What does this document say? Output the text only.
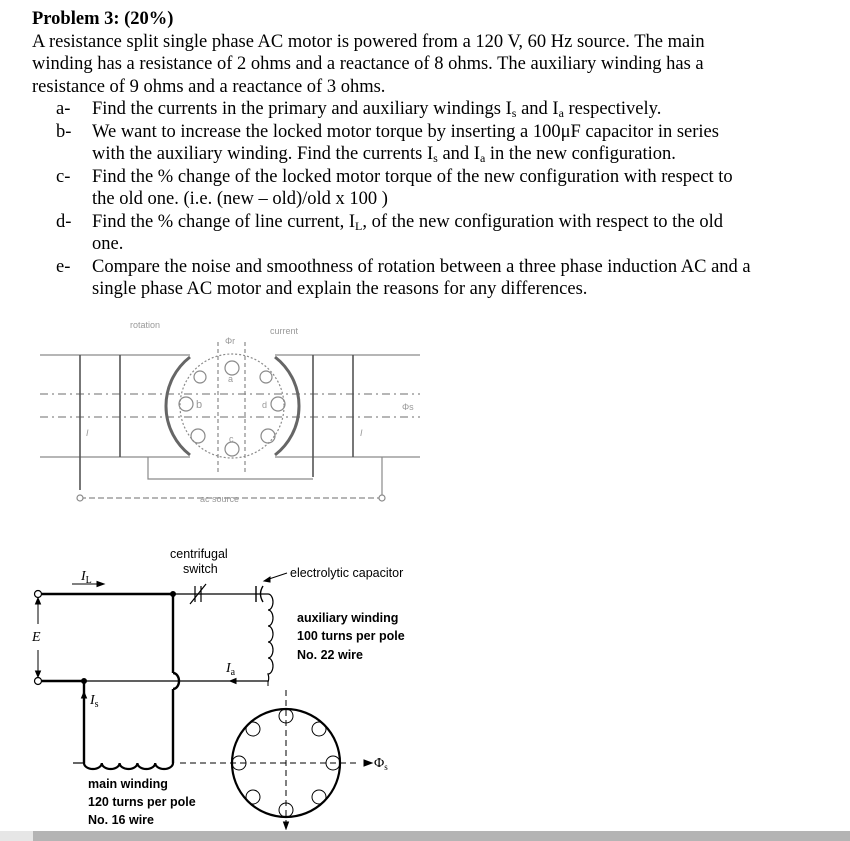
Problem 3: (20%)

A resistance split single phase AC motor is powered from a 120 V, 60 Hz source. The main
winding has a resistance of 2 ohms and a reactance of 8 ohms. The auxiliary winding has a
resistance of 9 ohms and a reactance of 3 ohms.

a-	Find the currents in the primary and auxiliary windings $I_s$ and $I_a$ respectively.
b-	We want to increase the locked motor torque by inserting a 100μF capacitor in series
with the auxiliary winding. Find the currents $I_s$ and $I_a$ in the new configuration.
c-	Find the % change of the locked motor torque of the new configuration with respect to
the old one. (i.e. (new – old)/old x 100 )
d-	Find the % change of line current, $I_L$, of the new configuration with respect to the old
one.
e-	Compare the noise and smoothness of rotation between a three phase induction AC and a
single phase AC motor and explain the reasons for any differences.
rotation
current
Φr
a
b
c
d
I	I
Φs
ac source
centrifugal
switch	electrolytic capacitor
auxiliary winding
100 turns per pole
No. 22 wire
main winding
120 turns per pole
No. 16 wire
$I_L$
E
$I_s$
$I_a$
$\Phi_s$
